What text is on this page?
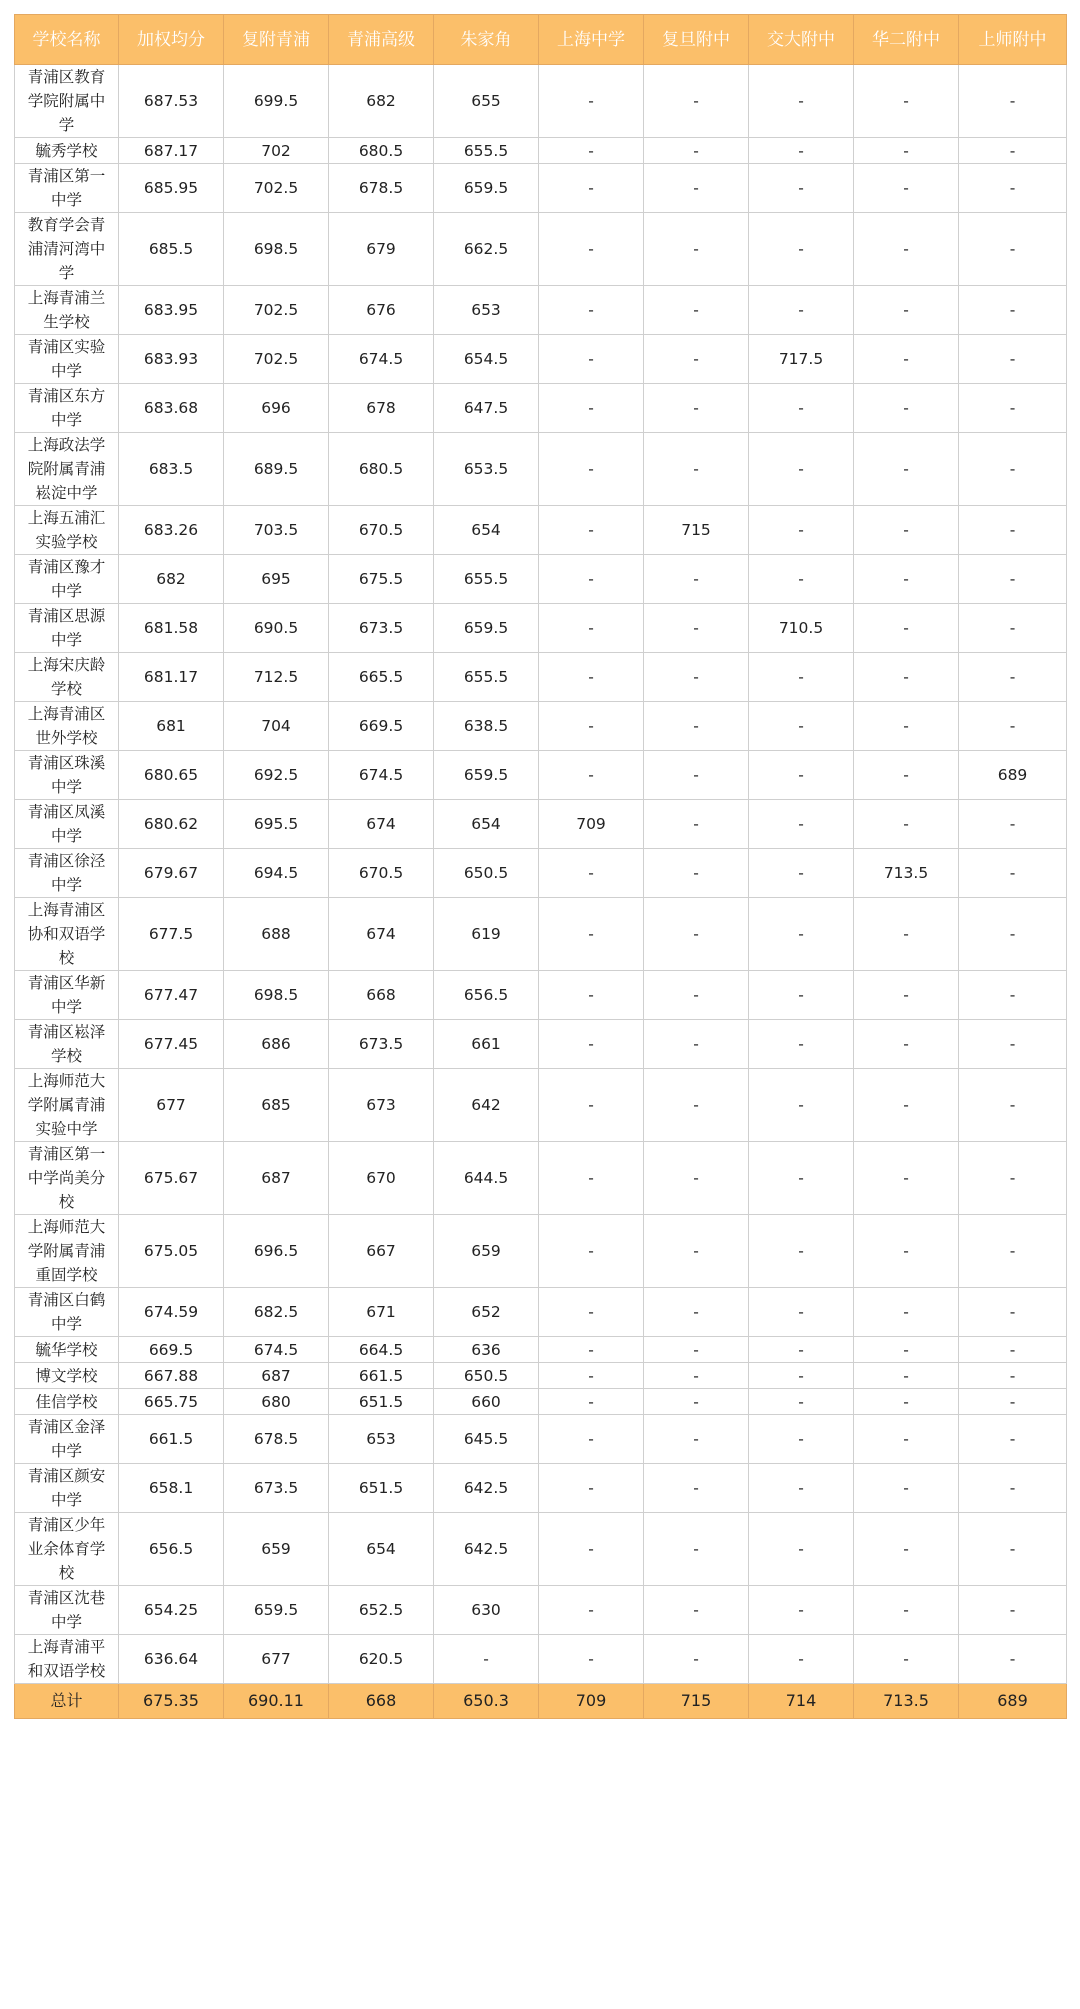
学校名称	加权均分	复附青浦	青浦高级	朱家角	上海中学	复旦附中	交大附中	华二附中	上师附中
青浦区教育学院附属中学	687.53	699.5	682	655	-	-	-	-	-
毓秀学校	687.17	702	680.5	655.5	-	-	-	-	-
青浦区第一中学	685.95	702.5	678.5	659.5	-	-	-	-	-
教育学会青浦清河湾中学	685.5	698.5	679	662.5	-	-	-	-	-
上海青浦兰生学校	683.95	702.5	676	653	-	-	-	-	-
青浦区实验中学	683.93	702.5	674.5	654.5	-	-	717.5	-	-
青浦区东方中学	683.68	696	678	647.5	-	-	-	-	-
上海政法学院附属青浦崧淀中学	683.5	689.5	680.5	653.5	-	-	-	-	-
上海五浦汇实验学校	683.26	703.5	670.5	654	-	715	-	-	-
青浦区豫才中学	682	695	675.5	655.5	-	-	-	-	-
青浦区思源中学	681.58	690.5	673.5	659.5	-	-	710.5	-	-
上海宋庆龄学校	681.17	712.5	665.5	655.5	-	-	-	-	-
上海青浦区世外学校	681	704	669.5	638.5	-	-	-	-	-
青浦区珠溪中学	680.65	692.5	674.5	659.5	-	-	-	-	689
青浦区凤溪中学	680.62	695.5	674	654	709	-	-	-	-
青浦区徐泾中学	679.67	694.5	670.5	650.5	-	-	-	713.5	-
上海青浦区协和双语学校	677.5	688	674	619	-	-	-	-	-
青浦区华新中学	677.47	698.5	668	656.5	-	-	-	-	-
青浦区崧泽学校	677.45	686	673.5	661	-	-	-	-	-
上海师范大学附属青浦实验中学	677	685	673	642	-	-	-	-	-
青浦区第一中学尚美分校	675.67	687	670	644.5	-	-	-	-	-
上海师范大学附属青浦重固学校	675.05	696.5	667	659	-	-	-	-	-
青浦区白鹤中学	674.59	682.5	671	652	-	-	-	-	-
毓华学校	669.5	674.5	664.5	636	-	-	-	-	-
博文学校	667.88	687	661.5	650.5	-	-	-	-	-
佳信学校	665.75	680	651.5	660	-	-	-	-	-
青浦区金泽中学	661.5	678.5	653	645.5	-	-	-	-	-
青浦区颜安中学	658.1	673.5	651.5	642.5	-	-	-	-	-
青浦区少年业余体育学校	656.5	659	654	642.5	-	-	-	-	-
青浦区沈巷中学	654.25	659.5	652.5	630	-	-	-	-	-
上海青浦平和双语学校	636.64	677	620.5	-	-	-	-	-	-
总计	675.35	690.11	668	650.3	709	715	714	713.5	689
